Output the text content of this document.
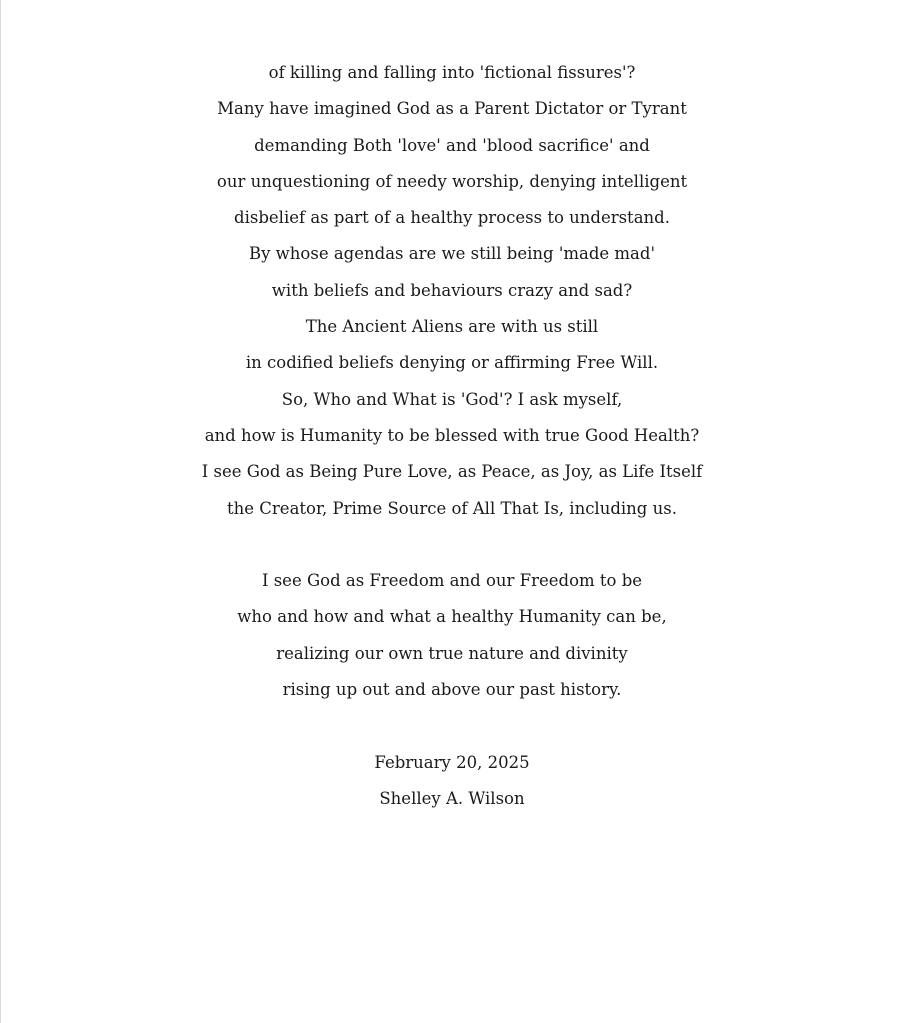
of killing and falling into 'fictional fissures'?
Many have imagined God as a Parent Dictator or Tyrant
demanding Both 'love' and 'blood sacrifice' and
our unquestioning of needy worship, denying intelligent
disbelief as part of a healthy process to understand.
By whose agendas are we still being 'made mad'
with beliefs and behaviours crazy and sad?
The Ancient Aliens are with us still
in codified beliefs denying or affirming Free Will.
So, Who and What is 'God'? I ask myself,
and how is Humanity to be blessed with true Good Health?
I see God as Being Pure Love, as Peace, as Joy, as Life Itself
the Creator, Prime Source of All That Is, including us.
I see God as Freedom and our Freedom to be
who and how and what a healthy Humanity can be,
realizing our own true nature and divinity
rising up out and above our past history.
February 20, 2025
Shelley A. Wilson
